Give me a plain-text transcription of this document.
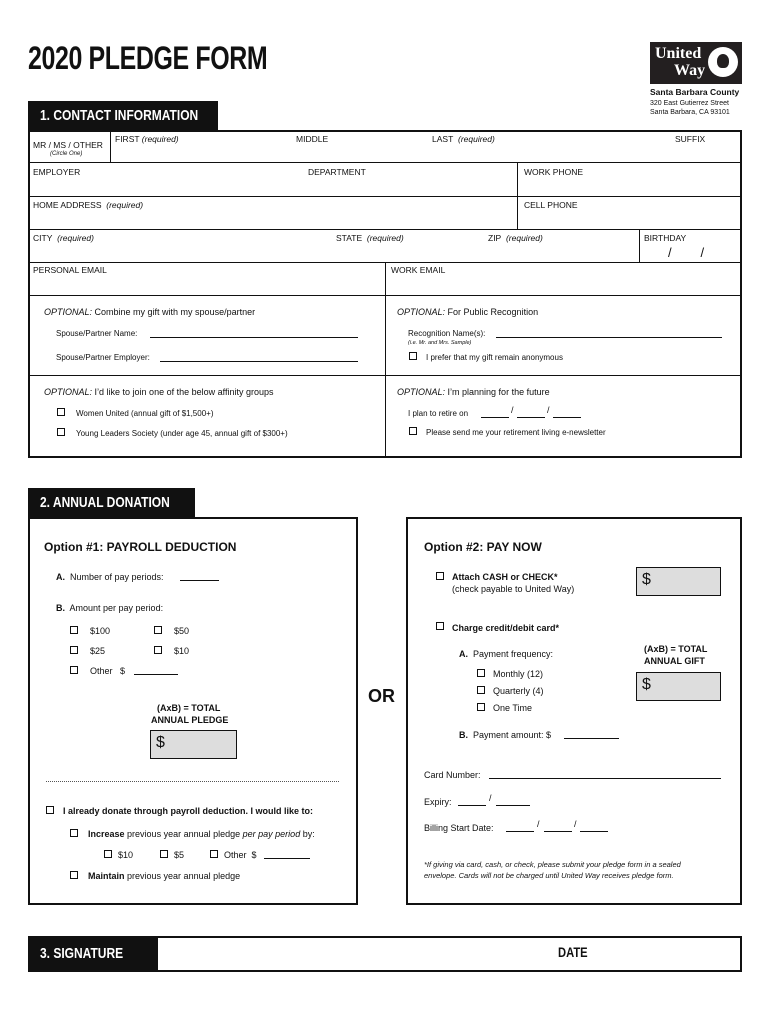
2020 PLEDGE FORM	United
Way
Santa Barbara County
320 East Gutierrez Street
Santa Barbara, CA 93101
1. CONTACT INFORMATION
MR / MS / OTHER
(Circle One)
FIRST (required)	MIDDLE	LAST (required)	SUFFIX
EMPLOYER	DEPARTMENT	WORK PHONE
HOME ADDRESS (required)	CELL PHONE
CITY (required)	STATE (required)	ZIP (required)	BIRTHDAY
/        /
PERSONAL EMAIL	WORK EMAIL
OPTIONAL: Combine my gift with my spouse/partner
Spouse/Partner Name:
Spouse/Partner Employer:
OPTIONAL: For Public Recognition
Recognition Name(s):
(i.e. Mr. and Mrs. Sample)
I prefer that my gift remain anonymous
OPTIONAL: I’d like to join one of the below affinity groups
Women United (annual gift of $1,500+)
Young Leaders Society (under age 45, annual gift of $300+)
OPTIONAL: I’m planning for the future
I plan to retire on	/	/
Please send me your retirement living e-newsletter
2. ANNUAL DONATION
Option #1: PAYROLL DEDUCTION
A. Number of pay periods:
B. Amount per pay period:
$100	$50
$25	$10
Other $
(AxB) = TOTAL
ANNUAL PLEDGE
$
I already donate through payroll deduction. I would like to:
Increase previous year annual pledge per pay period by:
$10	$5	Other $
Maintain previous year annual pledge
OR
Option #2: PAY NOW
Attach CASH or CHECK*
(check payable to United Way)
$
Charge credit/debit card*
A. Payment frequency:
Monthly (12)
Quarterly (4)
One Time
B. Payment amount: $
(AxB) = TOTAL
ANNUAL GIFT
$
Card Number:
Expiry:	/
Billing Start Date:	/	/
*If giving via card, cash, or check, please submit your pledge form in a sealed
envelope. Cards will not be charged until United Way receives pledge form.
3. SIGNATURE	DATE
